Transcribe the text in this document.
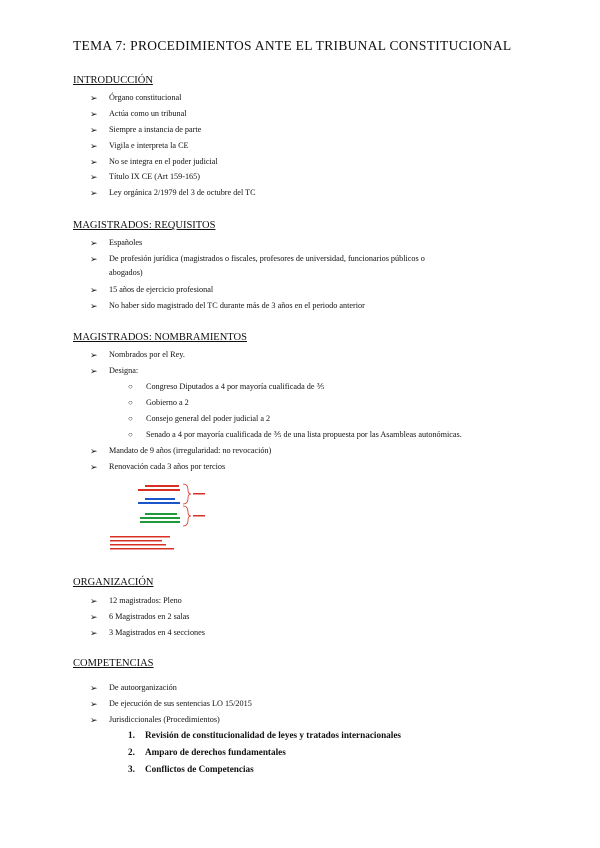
TEMA 7: PROCEDIMIENTOS ANTE EL TRIBUNAL CONSTITUCIONAL
INTRODUCCIÓN
➢ Órgano constitucional
➢ Actúa como un tribunal
➢ Siempre a instancia de parte
➢ Vigila e interpreta la CE
➢ No se integra en el poder judicial
➢ Título IX CE (Art 159-165)
➢ Ley orgánica 2/1979 del 3 de octubre del TC
MAGISTRADOS: REQUISITOS
➢ Españoles
➢ De profesión jurídica (magistrados o fiscales, profesores de universidad, funcionarios públicos o
abogados)
➢ 15 años de ejercicio profesional
➢ No haber sido magistrado del TC durante más de 3 años en el periodo anterior
MAGISTRADOS: NOMBRAMIENTOS
➢ Nombrados por el Rey.
➢ Designa:
○ Congreso Diputados a 4 por mayoría cualificada de ⅗
○ Gobierno a 2
○ Consejo general del poder judicial a 2
○ Senado a 4 por mayoría cualificada de ⅗ de una lista propuesta por las Asambleas autonómicas.
➢ Mandato de 9 años (irregularidad: no revocación)
➢ Renovación cada 3 años por tercios
ORGANIZACIÓN
➢ 12 magistrados: Pleno
➢ 6 Magistrados en 2 salas
➢ 3 Magistrados en 4 secciones
COMPETENCIAS
➢ De autoorganización
➢ De ejecución de sus sentencias LO 15/2015
➢ Jurisdiccionales (Procedimientos)
1. Revisión de constitucionalidad de leyes y tratados internacionales
2. Amparo de derechos fundamentales
3. Conflictos de Competencias
